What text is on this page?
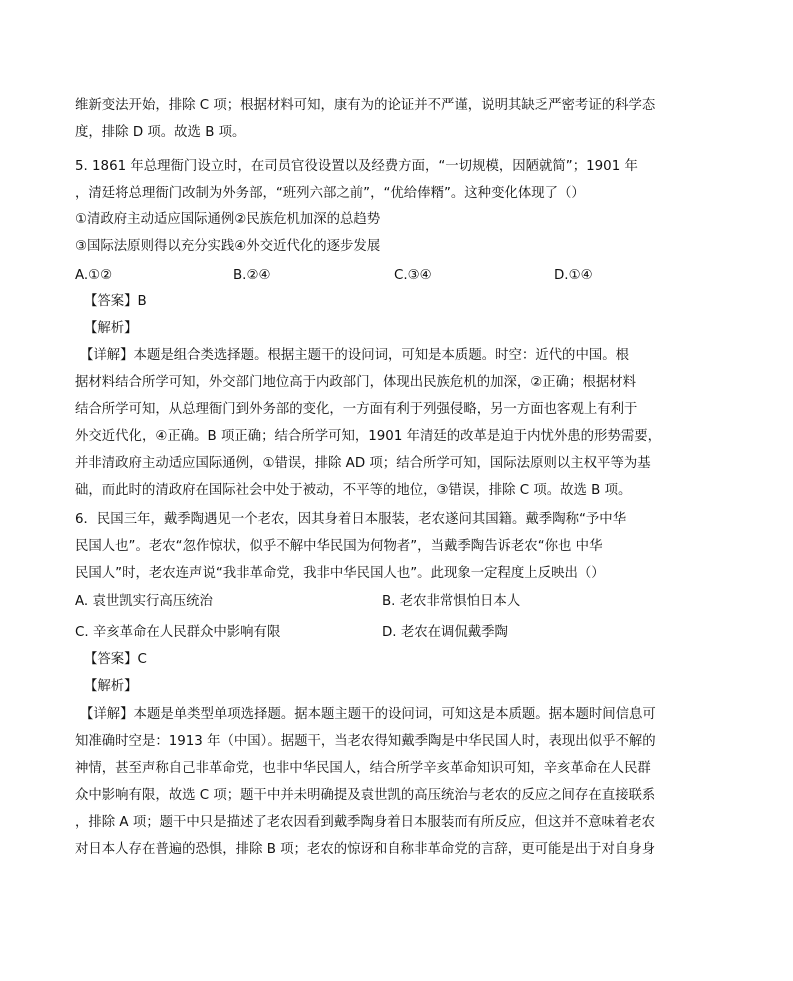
维新变法开始，排除 C 项；根据材料可知，康有为的论证并不严谨，说明其缺乏严密考证的科学态
度，排除 D 项。故选 B 项。
5. 1861 年总理衙门设立时，在司员官役设置以及经费方面，“一切规模，因陋就简”；1901 年
，清廷将总理衙门改制为外务部，“班列六部之前”，“优给俸糈”。这种变化体现了（）
①清政府主动适应国际通例②民族危机加深的总趋势
③国际法原则得以充分实践④外交近代化的逐步发展
A.①②	B.②④	C.③④	D.①④
【答案】B
【解析】
【详解】本题是组合类选择题。根据主题干的设问词，可知是本质题。时空：近代的中国。根
据材料结合所学可知，外交部门地位高于内政部门，体现出民族危机的加深，②正确；根据材料
结合所学可知，从总理衙门到外务部的变化，一方面有利于列强侵略，另一方面也客观上有利于
外交近代化，④正确。B 项正确；结合所学可知，1901 年清廷的改革是迫于内忧外患的形势需要，
并非清政府主动适应国际通例，①错误，排除 AD 项；结合所学可知，国际法原则以主权平等为基
础，而此时的清政府在国际社会中处于被动，不平等的地位，③错误，排除 C 项。故选 B 项。
6．民国三年，戴季陶遇见一个老农，因其身着日本服装，老农遂问其国籍。戴季陶称“予中华
民国人也”。老农“忽作惊状，似乎不解中华民国为何物者”，当戴季陶告诉老农“你也 中华
民国人”时，老农连声说“我非革命党，我非中华民国人也”。此现象一定程度上反映出（）
A. 袁世凯实行高压统治	B. 老农非常惧怕日本人
C. 辛亥革命在人民群众中影响有限	D. 老农在调侃戴季陶
【答案】C
【解析】
【详解】本题是单类型单项选择题。据本题主题干的设问词，可知这是本质题。据本题时间信息可
知准确时空是：1913 年（中国）。据题干，当老农得知戴季陶是中华民国人时，表现出似乎不解的
神情，甚至声称自己非革命党，也非中华民国人，结合所学辛亥革命知识可知，辛亥革命在人民群
众中影响有限，故选 C 项；题干中并未明确提及袁世凯的高压统治与老农的反应之间存在直接联系
，排除 A 项；题干中只是描述了老农因看到戴季陶身着日本服装而有所反应，但这并不意味着老农
对日本人存在普遍的恐惧，排除 B 项；老农的惊讶和自称非革命党的言辞，更可能是出于对自身身
